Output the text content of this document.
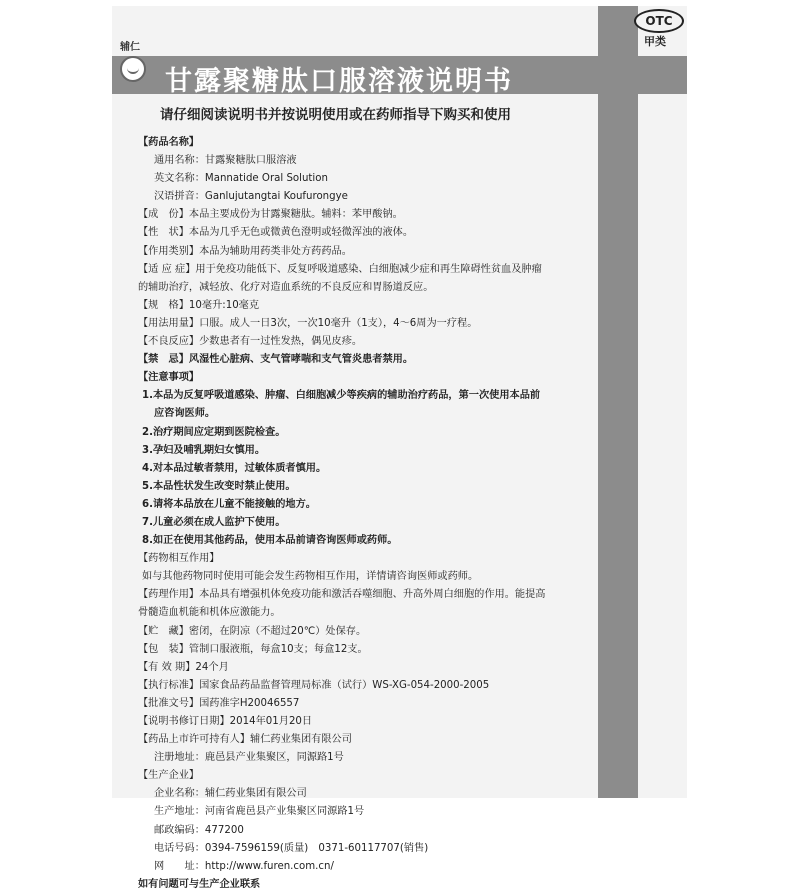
辅仁
甘露聚糖肽口服溶液说明书
OTC
甲类
请仔细阅读说明书并按说明使用或在药师指导下购买和使用
【药品名称】
通用名称：甘露聚糖肽口服溶液
英文名称：Mannatide Oral Solution
汉语拼音：Ganlujutangtai Koufurongye
【成　份】本品主要成份为甘露聚糖肽。辅料：苯甲酸钠。
【性　状】本品为几乎无色或微黄色澄明或轻微浑浊的液体。
【作用类别】本品为辅助用药类非处方药药品。
【适 应 症】用于免疫功能低下、反复呼吸道感染、白细胞减少症和再生障碍性贫血及肿瘤
的辅助治疗，减轻放、化疗对造血系统的不良反应和胃肠道反应。
【规　格】10毫升:10毫克
【用法用量】口服。成人一日3次，一次10毫升（1支），4～6周为一疗程。
【不良反应】少数患者有一过性发热，偶见皮疹。
【禁　忌】风湿性心脏病、支气管哮喘和支气管炎患者禁用。
【注意事项】
1.本品为反复呼吸道感染、肿瘤、白细胞减少等疾病的辅助治疗药品，第一次使用本品前
应咨询医师。
2.治疗期间应定期到医院检查。
3.孕妇及哺乳期妇女慎用。
4.对本品过敏者禁用，过敏体质者慎用。
5.本品性状发生改变时禁止使用。
6.请将本品放在儿童不能接触的地方。
7.儿童必须在成人监护下使用。
8.如正在使用其他药品，使用本品前请咨询医师或药师。
【药物相互作用】
如与其他药物同时使用可能会发生药物相互作用，详情请咨询医师或药师。
【药理作用】本品具有增强机体免疫功能和激活吞噬细胞、升高外周白细胞的作用。能提高
骨髓造血机能和机体应激能力。
【贮　藏】密闭，在阴凉（不超过20℃）处保存。
【包　装】管制口服液瓶，每盒10支；每盒12支。
【有 效 期】24个月
【执行标准】国家食品药品监督管理局标准（试行）WS-XG-054-2000-2005
【批准文号】国药准字H20046557
【说明书修订日期】2014年01月20日
【药品上市许可持有人】辅仁药业集团有限公司
注册地址：鹿邑县产业集聚区，同源路1号
【生产企业】
企业名称：辅仁药业集团有限公司
生产地址：河南省鹿邑县产业集聚区同源路1号
邮政编码：477200
电话号码：0394-7596159(质量)　0371-60117707(销售)
网　　址：http://www.furen.com.cn/
如有问题可与生产企业联系
